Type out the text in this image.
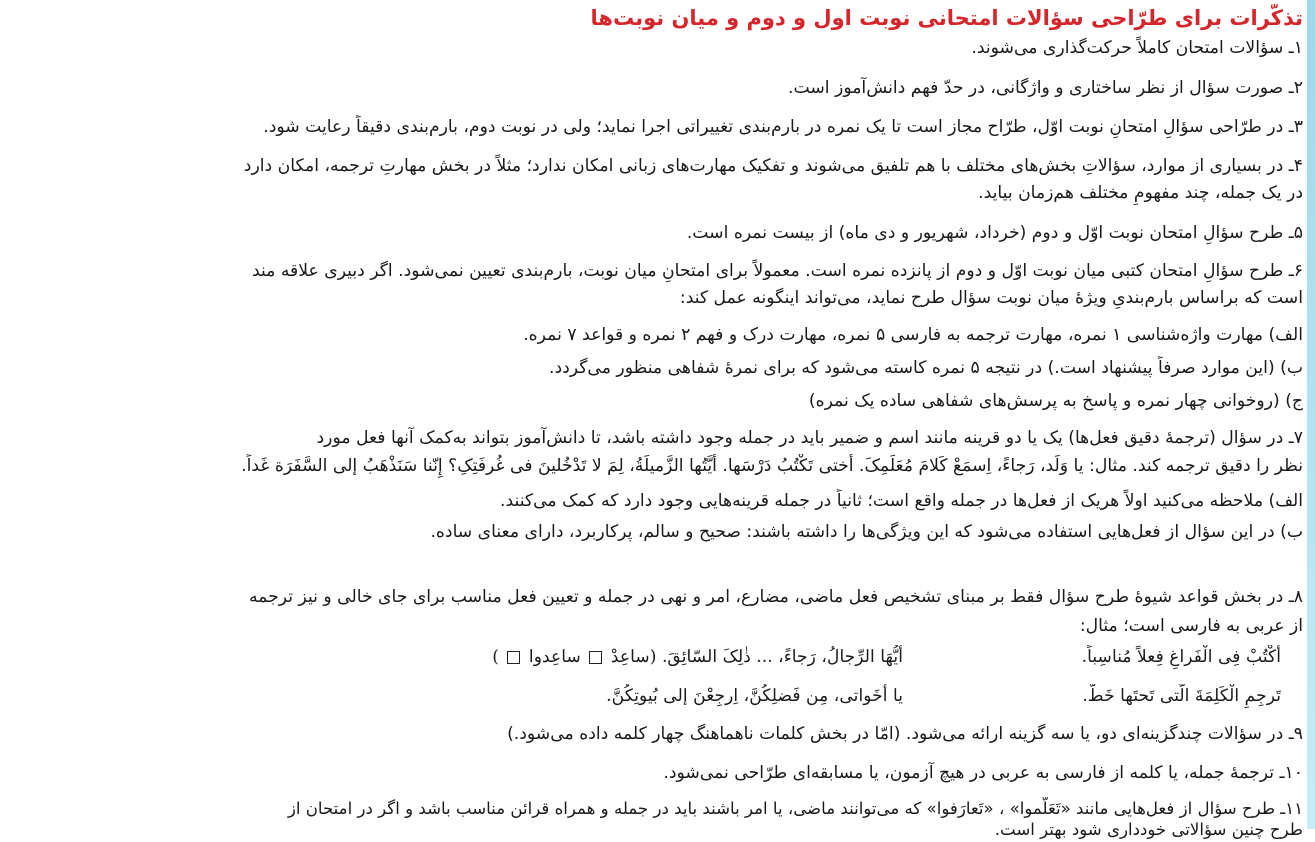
تذکّرات برای طرّاحی سؤالات امتحانی نوبت اول و دوم و میان نوبت‌ها
۱ـ سؤالات امتحان کاملاً حرکت‌گذاری می‌شوند.
۲ـ صورت سؤال از نظر ساختاری و واژگانی، در حدّ فهم دانش‌آموز است.
۳ـ در طرّاحی سؤالِ امتحانِ نوبت اوّل، طرّاح مجاز است تا یک نمره در بارم‌بندی تغییراتی اجرا نماید؛ ولی در نوبت دوم، بارم‌بندی دقیقاً رعایت شود.
۴ـ در بسیاری از موارد، سؤالاتِ بخش‌های مختلف با هم تلفیق می‌شوند و تفکیک مهارت‌های زبانی امکان ندارد؛ مثلاً در بخش مهارتِ ترجمه، امکان دارد
در یک جمله، چند مفهومِ مختلف هم‌زمان بیاید.
۵ـ طرح سؤالِ امتحان نوبت اوّل و دوم (خرداد، شهریور و دی ماه) از بیست نمره است.
۶ـ طرح سؤالِ امتحان کتبی میان نوبت اوّل و دوم از پانزده نمره است. معمولاً برای امتحانِ میان نوبت، بارم‌بندی تعیین نمی‌شود. اگر دبیری علاقه مند
است که براساس بارم‌بندیِ ویژهٔ میان نوبت سؤال طرح نماید، می‌تواند اینگونه عمل کند:
الف) مهارت واژه‌شناسی ۱ نمره، مهارت ترجمه به فارسی ۵ نمره، مهارت درک و فهم ۲ نمره و قواعد ۷ نمره.
ب) (این موارد صرفاً پیشنهاد است.) در نتیجه ۵ نمره کاسته می‌شود که برای نمرهٔ شفاهی منظور می‌گردد.
ج) (روخوانی چهار نمره و پاسخ به پرسش‌های شفاهی ساده یک نمره)
۷ـ در سؤال (ترجمهٔ دقیق فعل‌ها) یک یا دو قرینه مانند اسم و ضمیر باید در جمله وجود داشته باشد، تا دانش‌آموز بتواند به‌کمک آنها فعل مورد
نظر را دقیق ترجمه کند. مثال: یا وَلَد، رَجاءً، اِسمَعْ کَلامَ مُعَلِّمِکَ. أُختی تَکْتُبُ دَرْسَها. أَیَّتُها الزَّمیلَةُ، لِمَ لا تَدْخُلینَ فی غُرفَتِکِ؟ إِنّنا سَنَذْهَبُ إلی السَّفَرَة غَداً.
الف) ملاحظه می‌کنید اولاً هریک از فعل‌ها در جمله واقع است؛ ثانیاً در جمله قرینه‌هایی وجود دارد که کمک می‌کنند.
ب) در این سؤال از فعل‌هایی استفاده می‌شود که این ویژگی‌ها را داشته باشند: صحیح و سالم، پرکاربرد، دارای معنای ساده.
۸ـ در بخش قواعد شیوهٔ طرح سؤال فقط بر مبنای تشخیص فعل ماضی، مضارع، امر و نهی در جمله و تعیین فعل مناسب برای جای خالی و نیز ترجمه
از عربی به فارسی است؛ مثال:
أُکْتُبْ فِی الْفَراغِ فِعلاً مُناسِباً.
أَیُّهَا الرِّجالُ، رَجاءً، ... ذٰلِکَ السّائِقَ. (ساعِدْ  ساعِدوا  )
تَرجِمِ الْکَلِمَةَ الَّتی تَحتَها خَطٌّ.
یا أَخَواتی، مِن فَضلِکُنَّ، اِرجِعْنَ إلی بُیوتِکُنَّ.
۹ـ در سؤالات چندگزینه‌ای دو، یا سه گزینه ارائه می‌شود. (امّا در بخش کلمات ناهماهنگ چهار کلمه داده می‌شود.)
۱۰ـ ترجمهٔ جمله، یا کلمه از فارسی به عربی در هیچ آزمون، یا مسابقه‌ای طرّاحی نمی‌شود.
۱۱ـ طرح سؤال از فعل‌هایی مانند «تَعَلَّموا» ، «تَعارَفوا» که می‌توانند ماضی، یا امر باشند باید در جمله و همراه قرائن مناسب باشد و اگر در امتحان از
طرح چنین سؤالاتی خودداری شود بهتر است.
